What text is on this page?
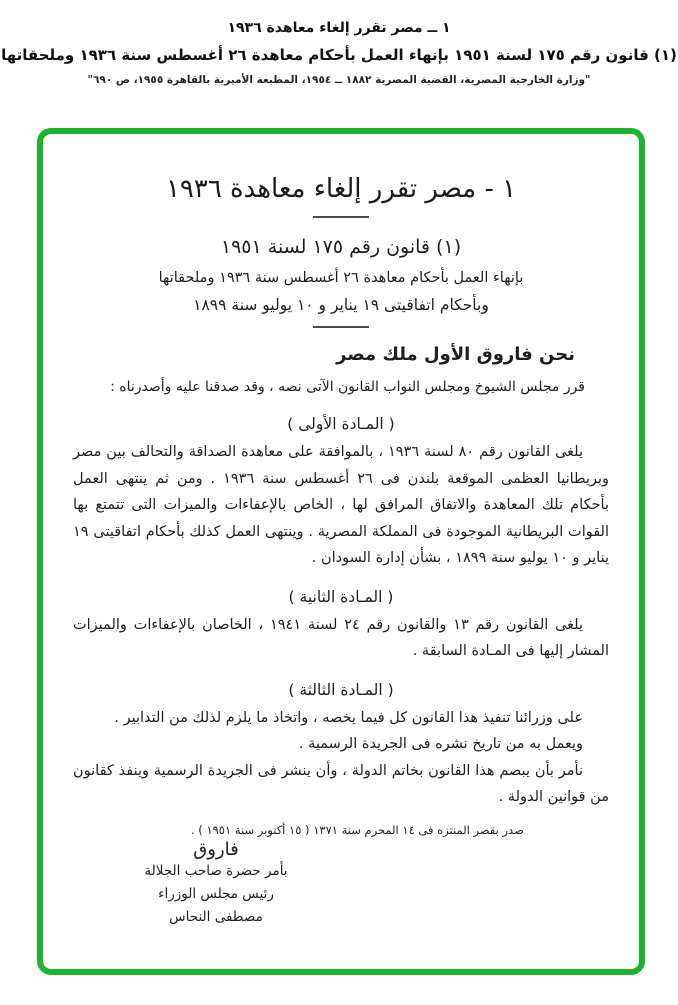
١ ــ مصر تقرر إلغاء معاهدة ١٩٣٦
(١) قانون رقم ١٧٥ لسنة ١٩٥١ بإنهاء العمل بأحكام معاهدة ٢٦ أغسطس سنة ١٩٣٦ وملحقاتها
"وزارة الخارجية المصرية، القضية المصرية ١٨٨٢ ــ ١٩٥٤، المطبعة الأميرية بالقاهرة ١٩٥٥، ص ٦٩٠"
١ - مصر تقرر إلغاء معاهدة ١٩٣٦
(١) قانون رقم ١٧٥ لسنة ١٩٥١
بإنهاء العمل بأحكام معاهدة ٢٦ أغسطس سنة ١٩٣٦ وملحقاتها
وبأحكام اتفاقيتى ١٩ يناير و ١٠ يوليو سنة ١٨٩٩
نحن فاروق الأول ملك مصر
قرر مجلس الشيوخ ومجلس النواب القانون الآتى نصه ، وقد صدقنا عليه وأصدرناه :
( المـادة الأولى )

يلغى القانون رقم ٨٠ لسنة ١٩٣٦ ، بالموافقة على معاهدة الصداقة والتحالف بين مصر وبريطانيا العظمى الموقعة بلندن فى ٢٦ أغسطس سنة ١٩٣٦ . ومن ثم ينتهى العمل بأحكام تلك المعاهدة والاتفاق المرافق لها ، الخاص بالإعفاءات والميزات التى تتمتع بها القوات البريطانية الموجودة فى المملكة المصرية . وينتهى العمل كذلك بأحكام اتفاقيتى ١٩ يناير و ١٠ يوليو سنة ١٨٩٩ ، بشأن إدارة السودان .

( المـادة الثانية )

يلغى القانون رقم ١٣ والقانون رقم ٢٤ لسنة ١٩٤١ ، الخاصان بالإعفاءات والميزات المشار إليها فى المـادة السابقة .

( المـادة الثالثة )

على وزرائنا تنفيذ هذا القانون كل فيما يخصه ، واتخاذ ما يلزم لذلك من التدابير .

ويعمل به من تاريخ نشره فى الجريدة الرسمية .

نأمر بأن يبصم هذا القانون بخاتم الدولة ، وأن ينشر فى الجريدة الرسمية وينفذ كقانون من قوانين الدولة .

صدر بقصر المنتزه فى ١٤ المحرم سنة ١٣٧١ ( ١٥ أكتوبر سنة ١٩٥١ ) .
فاروق
بأمر حضرة صاحب الجلالة
رئيس مجلس الوزراء
مصطفى النحاس
